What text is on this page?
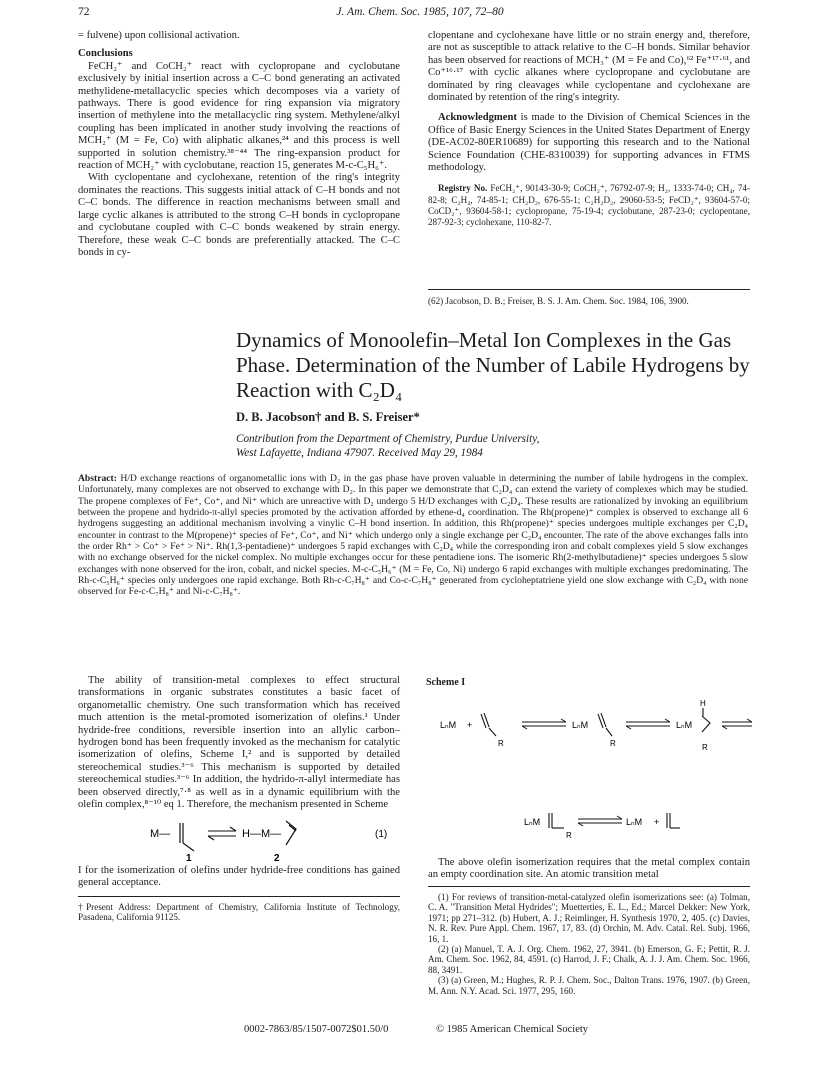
72	J. Am. Chem. Soc. 1985, 107, 72–80

= fulvene) upon collisional activation.

Conclusions

FeCH₂⁺ and CoCH₂⁺ react with cyclopropane and cyclobutane exclusively by initial insertion across a C–C bond generating an activated methylidene-metallacyclic species which decomposes via a variety of pathways. There is good evidence for ring expansion via migratory insertion of methylene into the metallacyclic ring system. Methylene/alkyl coupling has been implicated in another study involving the reactions of MCH₂⁺ (M = Fe, Co) with aliphatic alkanes,²⁴ and this process is well supported in solution chemistry.³⁸⁻⁴⁴ The ring-expansion product for reaction of MCH₂⁺ with cyclobutane, reaction 15, generates M-c-C₅H₆⁺.

With cyclopentane and cyclohexane, retention of the ring's integrity dominates the reactions. This suggests initial attack of C–H bonds and not C–C bonds. The difference in reaction mechanisms between small and large cyclic alkanes is attributed to the strong C–H bonds in cyclopropane and cyclobutane coupled with C–C bonds weakened by strain energy. Therefore, these weak C–C bonds are preferentially attacked. The C–C bonds in cy-

clopentane and cyclohexane have little or no strain energy and, therefore, are not as susceptible to attack relative to the C–H bonds. Similar behavior has been observed for reactions of MCH₃⁺ (M = Fe and Co),⁶² Fe⁺¹⁷·⁶¹, and Co⁺¹⁶·¹⁷ with cyclic alkanes where cyclopropane and cyclobutane are dominated by ring cleavages while cyclopentane and cyclohexane are dominated by retention of the ring's integrity.

Acknowledgment is made to the Division of Chemical Sciences in the Office of Basic Energy Sciences in the United States Department of Energy (DE-AC02-80ER10689) for supporting this research and to the National Science Foundation (CHE-8310039) for supporting advances in FTMS methodology.

Registry No. FeCH₂⁺, 90143-30-9; CoCH₂⁺, 76792-07-9; H₂, 1333-74-0; CH₄, 74-82-8; C₂H₄, 74-85-1; CH₂D₂, 676-55-1; C₂H₂D₂, 29060-53-5; FeCD₂⁺, 93604-57-0; CoCD₂⁺, 93604-58-1; cyclopropane, 75-19-4; cyclobutane, 287-23-0; cyclopentane, 287-92-3; cyclohexane, 110-82-7.

(62) Jacobson, D. B.; Freiser, B. S. J. Am. Chem. Soc. 1984, 106, 3900.
Dynamics of Monoolefin–Metal Ion Complexes in the Gas Phase. Determination of the Number of Labile Hydrogens by Reaction with C₂D₄
D. B. Jacobson† and B. S. Freiser*
Contribution from the Department of Chemistry, Purdue University,
West Lafayette, Indiana 47907. Received May 29, 1984
Abstract: H/D exchange reactions of organometallic ions with D₂ in the gas phase have proven valuable in determining the number of labile hydrogens in the complex. Unfortunately, many complexes are not observed to exchange with D₂. In this paper we demonstrate that C₂D₄ can extend the variety of complexes which may be studied. The propene complexes of Fe⁺, Co⁺, and Ni⁺ which are unreactive with D₂ undergo 5 H/D exchanges with C₂D₄. These results are rationalized by invoking an equilibrium between the propene and hydrido-π-allyl species promoted by the activation afforded by ethene-d₄ coordination. The Rh(propene)⁺ complex is observed to exchange all 6 hydrogens suggesting an additional mechanism involving a vinylic C–H bond insertion. In addition, this Rh(propene)⁺ species undergoes multiple exchanges per C₂D₄ encounter in contrast to the M(propene)⁺ species of Fe⁺, Co⁺, and Ni⁺ which undergo only a single exchange per C₂D₄ encounter. The rate of the above exchanges falls into the order Rh⁺ > Co⁺ > Fe⁺ > Ni⁺. Rh(1,3-pentadiene)⁺ undergoes 5 rapid exchanges with C₂D₄ while the corresponding iron and cobalt complexes yield 5 slow exchanges with no exchange observed for the nickel complex. No multiple exchanges occur for these pentadiene ions. The isomeric Rh(2-methylbutadiene)⁺ species undergoes 5 slow exchanges with none observed for the iron, cobalt, and nickel species. M-c-C₅H₆⁺ (M = Fe, Co, Ni) undergo 6 rapid exchanges with multiple exchanges predominating. The Rh-c-C₅H₆⁺ species only undergoes one rapid exchange. Both Rh-c-C₇H₈⁺ and Co-c-C₇H₈⁺ generated from cycloheptatriene yield one slow exchange with C₂D₄ with none observed for Fe-c-C₇H₈⁺ and Ni-c-C₇H₈⁺.

The ability of transition-metal complexes to effect structural transformations in organic substrates constitutes a basic facet of organometallic chemistry. One such transformation which has received much attention is the metal-promoted isomerization of olefins.¹ Under hydride-free conditions, reversible insertion into an allylic carbon–hydrogen bond has been frequently invoked as the mechanism for catalytic isomerization of olefins, Scheme I,² and is supported by detailed stereochemical studies.³⁻⁶ This mechanism is supported by detailed stereochemical studies.³⁻⁶ In addition, the hydrido-π-allyl intermediate has been observed directly,⁷·⁸ as well as in a dynamic equilibrium with the olefin complex,⁸⁻¹⁰ eq 1. Therefore, the mechanism presented in Scheme

M—	H—M—	(1)
1	2

I for the isomerization of olefins under hydride-free conditions has gained general acceptance.

†Present Address: Department of Chemistry, California Institute of Technology, Pasadena, California 91125.
Scheme I
LₙM +
R
LₙM
R
LₙM
H
R
LₙM
R
LₙM +

The above olefin isomerization requires that the metal complex contain an empty coordination site. An atomic transition metal

(1) For reviews of transition-metal-catalyzed olefin isomerizations see: (a) Tolman, C. A. "Transition Metal Hydrides"; Muetterties, E. L., Ed.; Marcel Dekker: New York, 1971; pp 271–312. (b) Hubert, A. J.; Reimlinger, H. Synthesis 1970, 2, 405. (c) Davies, N. R. Rev. Pure Appl. Chem. 1967, 17, 83. (d) Orchin, M. Adv. Catal. Rel. Subj. 1966, 16, 1.

(2) (a) Manuel, T. A. J. Org. Chem. 1962, 27, 3941. (b) Emerson, G. F.; Pettit, R. J. Am. Chem. Soc. 1962, 84, 4591. (c) Harrod, J. F.; Chalk, A. J. J. Am. Chem. Soc. 1966, 88, 3491.

(3) (a) Green, M.; Hughes, R. P. J. Chem. Soc., Dalton Trans. 1976, 1907. (b) Green, M. Ann. N.Y. Acad. Sci. 1977, 295, 160.

0002-7863/85/1507-0072$01.50/0	© 1985 American Chemical Society
